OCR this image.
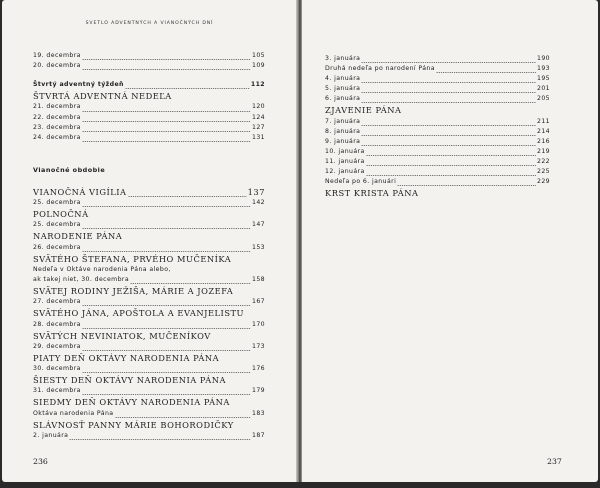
SVETLO ADVENTNÝCH A VIANOČNÝCH DNÍ
19. decembra	105
20. decembra	109
Štvrtý adventný týždeň	112
ŠTVRTÁ ADVENTNÁ NEDEĽA
21. decembra	120
22. decembra	124
23. decembra	127
24. decembra	131
Vianočné obdobie
VIANOČNÁ VIGÍLIA	137
25. decembra	142
POLNOČNÁ
25. decembra	147
NARODENIE PÁNA
26. decembra	153
SVÄTÉHO ŠTEFANA, PRVÉHO MUČENÍKA
Nedeľa v Oktáve narodenia Pána alebo,
ak takej niet, 30. decembra	158
SVÄTEJ RODINY JEŽIŠA, MÁRIE A JOZEFA
27. decembra	167
SVÄTÉHO JÁNA, APOŠTOLA A EVANJELISTU
28. decembra	170
SVÄTÝCH NEVINIATOK, MUČENÍKOV
29. decembra	173
PIATY DEŇ OKTÁVY NARODENIA PÁNA
30. decembra	176
ŠIESTY DEŇ OKTÁVY NARODENIA PÁNA
31. decembra	179
SIEDMY DEŇ OKTÁVY NARODENIA PÁNA
Oktáva narodenia Pána	183
SLÁVNOSŤ PANNY MÁRIE BOHORODIČKY
2. januára	187
236
3. januára	190
Druhá nedeľa po narodení Pána	193
4. januára	195
5. januára	201
6. januára	205
ZJAVENIE PÁNA
7. januára	211
8. januára	214
9. januára	216
10. januára	219
11. januára	222
12. januára	225
Nedeľa po 6. januári	229
KRST KRISTA PÁNA
237
